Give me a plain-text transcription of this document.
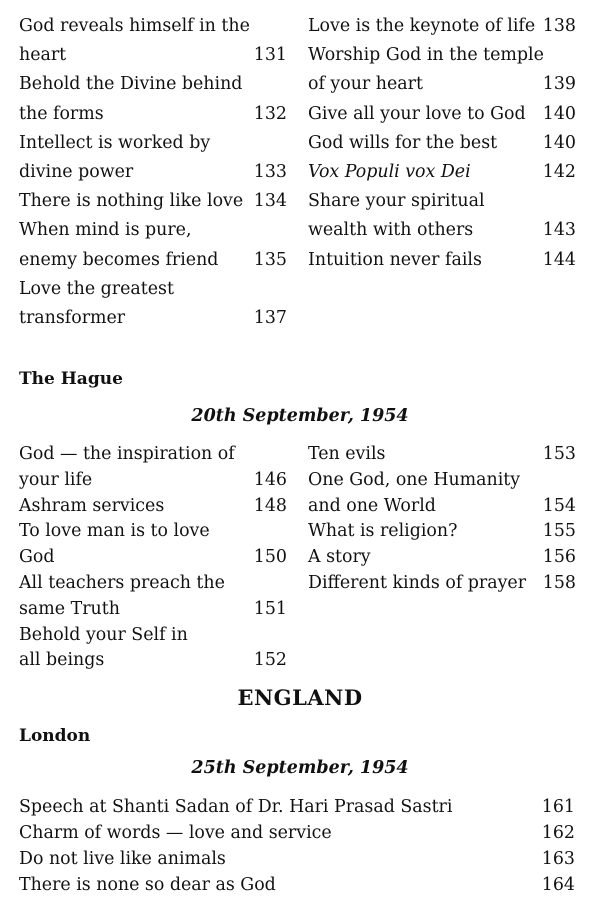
God reveals himself in the
heart	131
Behold the Divine behind
the forms	132
Intellect is worked by
divine power	133
There is nothing like love 134
When mind is pure,
enemy becomes friend	135
Love the greatest
transformer	137
Love is the keynote of life 138
Worship God in the temple
of your heart	139
Give all your love to God 140
God wills for the best	140
Vox Populi vox Dei	142
Share your spiritual
wealth with others	143
Intuition never fails	144
The Hague
20th September, 1954
God — the inspiration of
your life	146
Ashram services	148
To love man is to love God	150
All teachers preach the
same Truth	151
Behold your Self in
all beings	152
Ten evils	153
One God, one Humanity
and one World	154
What is religion?	155
A story	156
Different kinds of prayer 158
ENGLAND
London
25th September, 1954
Speech at Shanti Sadan of Dr. Hari Prasad Sastri	161
Charm of words — love and service	162
Do not live like animals	163
There is none so dear as God	164
